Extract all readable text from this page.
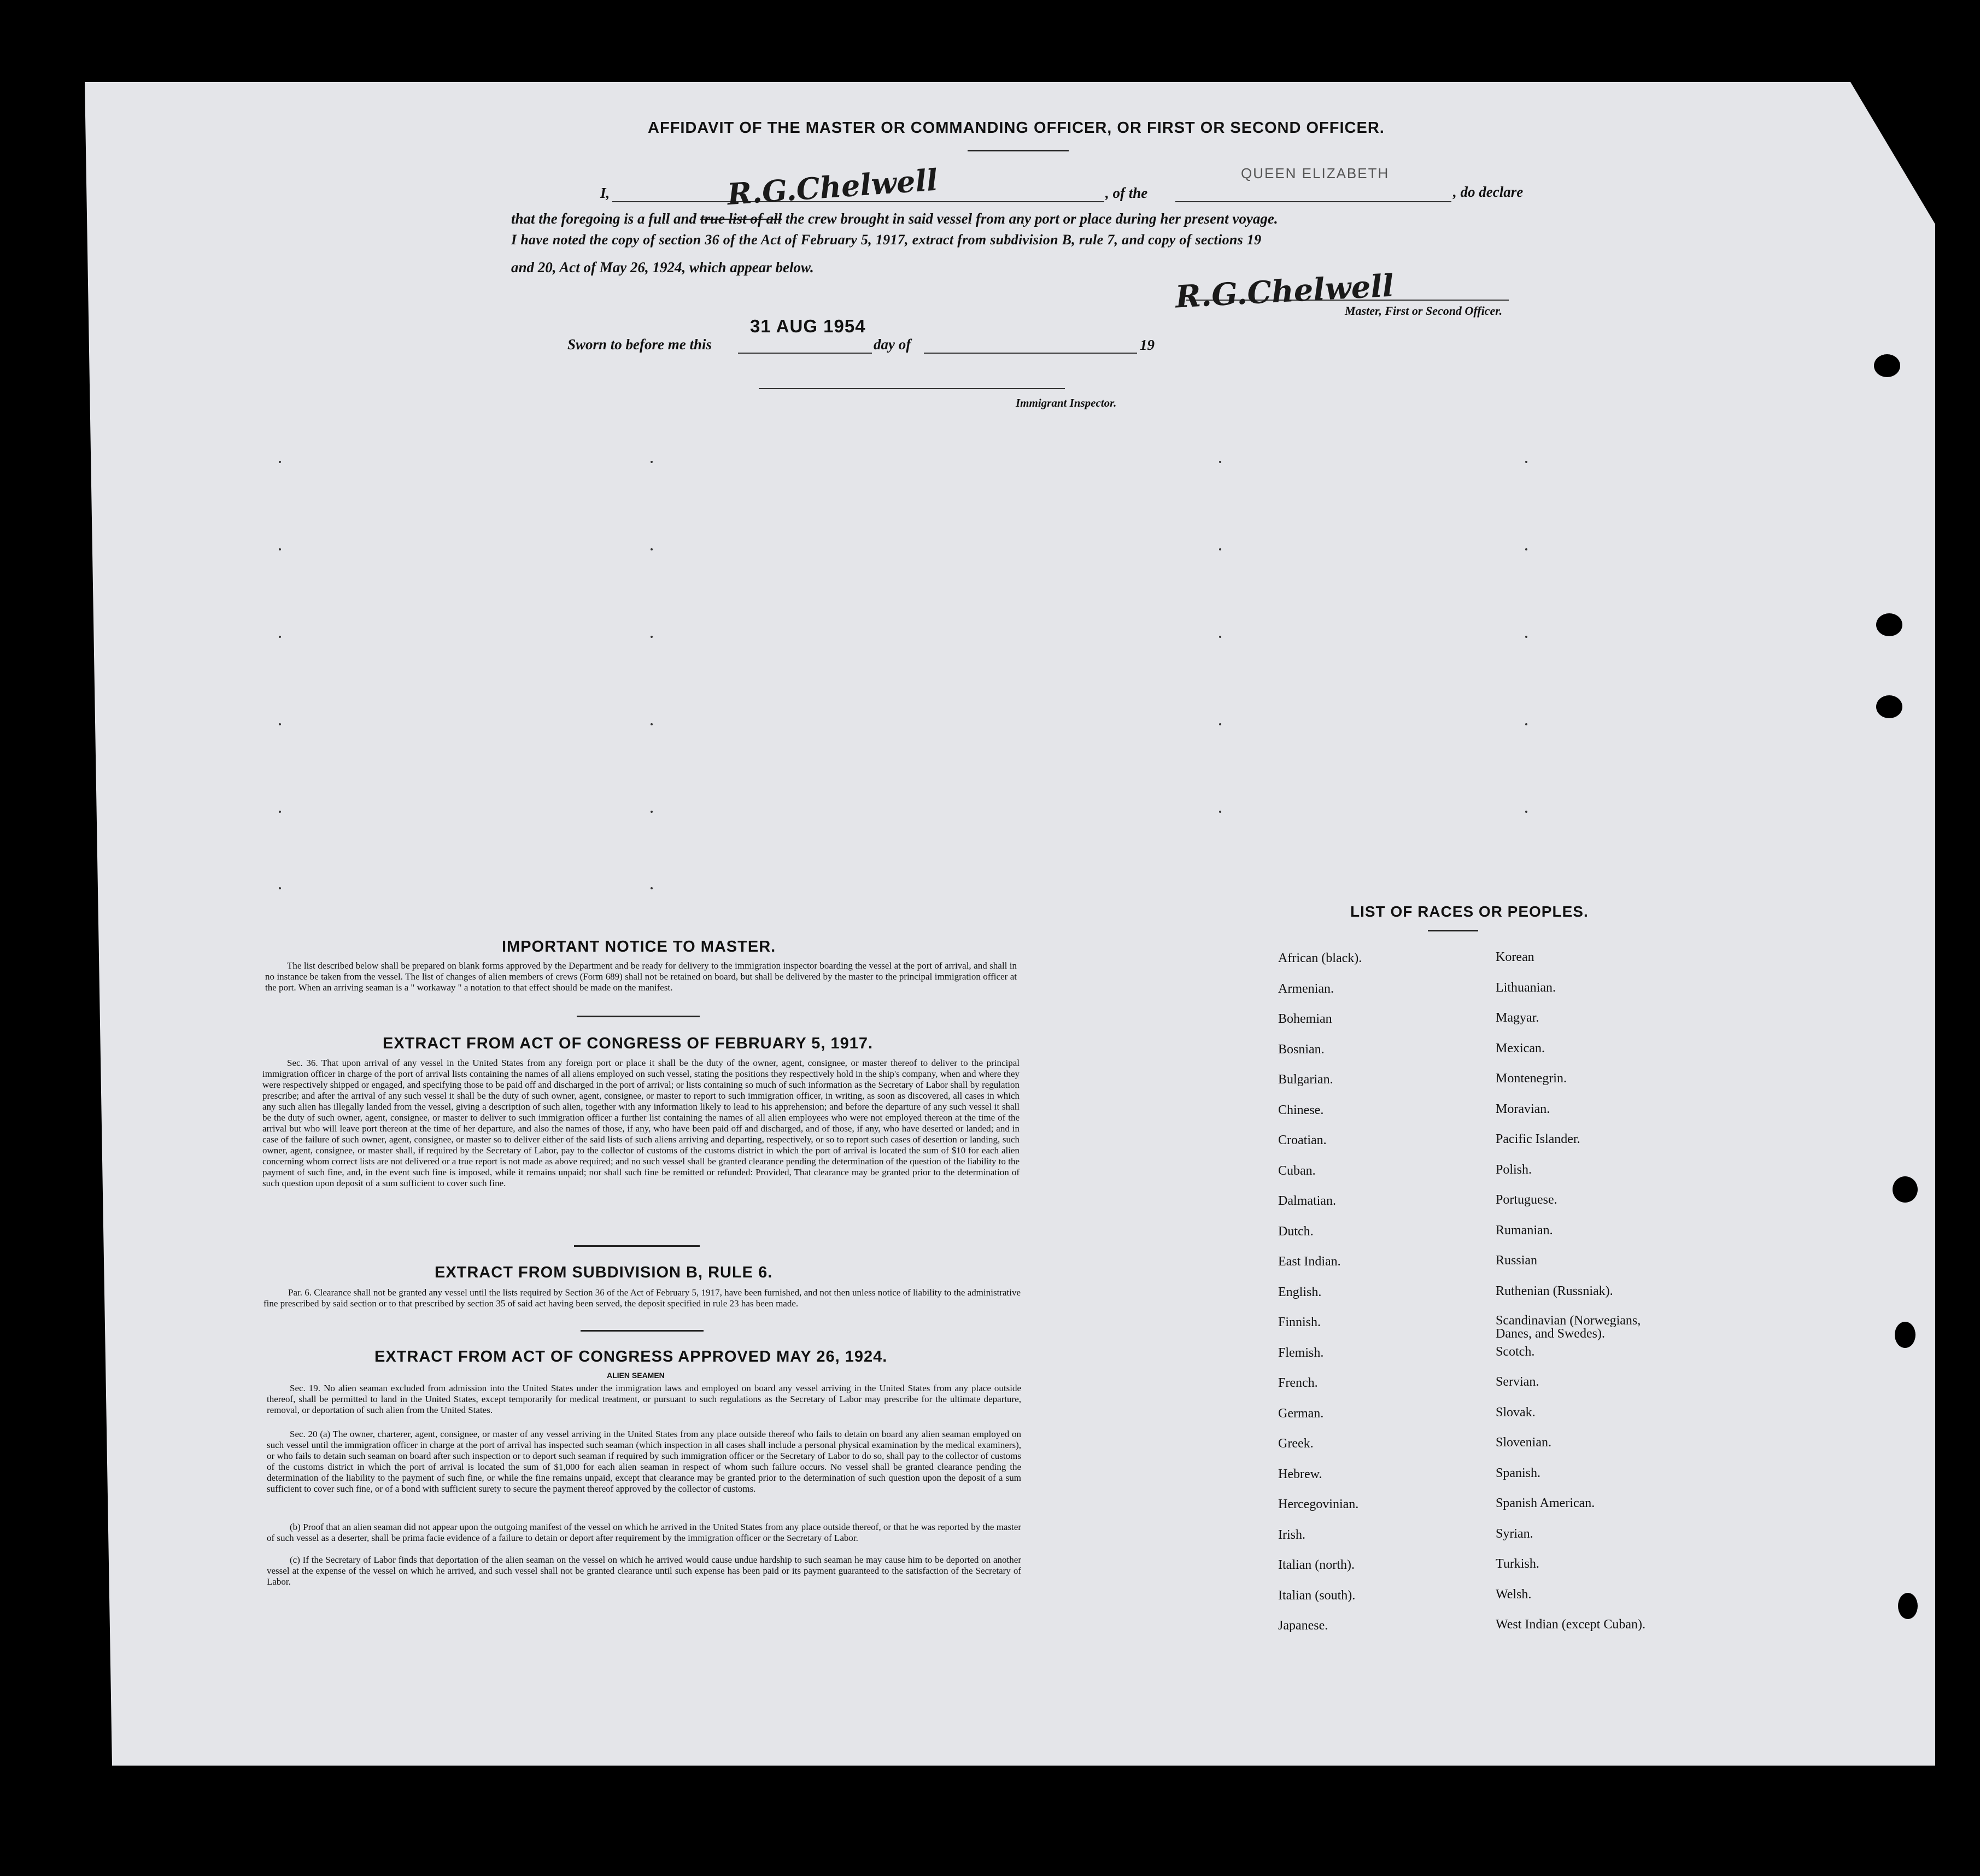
AFFIDAVIT OF THE MASTER OR COMMANDING OFFICER, OR FIRST OR SECOND OFFICER.
I,	R.G.Chelwell	, of the
QUEEN ELIZABETH
, do declare
that the foregoing is a full and true list of all the crew brought in said vessel from any port or place during her present voyage.
I have noted the copy of section 36 of the Act of February 5, 1917, extract from subdivision B, rule 7, and copy of sections 19
and 20, Act of May 26, 1924, which appear below.
R.G.Chelwell
Master, First or Second Officer.
Sworn to before me this
31 AUG 1954
day of	19
Immigrant Inspector.
IMPORTANT NOTICE TO MASTER.
The list described below shall be prepared on blank forms approved by the Department and be ready for delivery to the immigration inspector boarding the vessel at the port of arrival, and shall in no instance be taken from the vessel. The list of changes of alien members of crews (Form 689) shall not be retained on board, but shall be delivered by the master to the principal immigration officer at the port. When an arriving seaman is a " workaway " a notation to that effect should be made on the manifest.
EXTRACT FROM ACT OF CONGRESS OF FEBRUARY 5, 1917.
Sec. 36. That upon arrival of any vessel in the United States from any foreign port or place it shall be the duty of the owner, agent, consignee, or master thereof to deliver to the principal immigration officer in charge of the port of arrival lists containing the names of all aliens employed on such vessel, stating the positions they respectively hold in the ship's company, when and where they were respectively shipped or engaged, and specifying those to be paid off and discharged in the port of arrival; or lists containing so much of such information as the Secretary of Labor shall by regulation prescribe; and after the arrival of any such vessel it shall be the duty of such owner, agent, consignee, or master to report to such immigration officer, in writing, as soon as discovered, all cases in which any such alien has illegally landed from the vessel, giving a description of such alien, together with any information likely to lead to his apprehension; and before the departure of any such vessel it shall be the duty of such owner, agent, consignee, or master to deliver to such immigration officer a further list containing the names of all alien employees who were not employed thereon at the time of the arrival but who will leave port thereon at the time of her departure, and also the names of those, if any, who have been paid off and discharged, and of those, if any, who have deserted or landed; and in case of the failure of such owner, agent, consignee, or master so to deliver either of the said lists of such aliens arriving and departing, respectively, or so to report such cases of desertion or landing, such owner, agent, consignee, or master shall, if required by the Secretary of Labor, pay to the collector of customs of the customs district in which the port of arrival is located the sum of $10 for each alien concerning whom correct lists are not delivered or a true report is not made as above required; and no such vessel shall be granted clearance pending the determination of the question of the liability to the payment of such fine, and, in the event such fine is imposed, while it remains unpaid; nor shall such fine be remitted or refunded: Provided, That clearance may be granted prior to the determination of such question upon deposit of a sum sufficient to cover such fine.
EXTRACT FROM SUBDIVISION B, RULE 6.
Par. 6. Clearance shall not be granted any vessel until the lists required by Section 36 of the Act of February 5, 1917, have been furnished, and not then unless notice of liability to the administrative fine prescribed by said section or to that prescribed by section 35 of said act having been served, the deposit specified in rule 23 has been made.
EXTRACT FROM ACT OF CONGRESS APPROVED MAY 26, 1924.
ALIEN SEAMEN
Sec. 19. No alien seaman excluded from admission into the United States under the immigration laws and employed on board any vessel arriving in the United States from any place outside thereof, shall be permitted to land in the United States, except temporarily for medical treatment, or pursuant to such regulations as the Secretary of Labor may prescribe for the ultimate departure, removal, or deportation of such alien from the United States.
Sec. 20 (a) The owner, charterer, agent, consignee, or master of any vessel arriving in the United States from any place outside thereof who fails to detain on board any alien seaman employed on such vessel until the immigration officer in charge at the port of arrival has inspected such seaman (which inspection in all cases shall include a personal physical examination by the medical examiners), or who fails to detain such seaman on board after such inspection or to deport such seaman if required by such immigration officer or the Secretary of Labor to do so, shall pay to the collector of customs of the customs district in which the port of arrival is located the sum of $1,000 for each alien seaman in respect of whom such failure occurs. No vessel shall be granted clearance pending the determination of the liability to the payment of such fine, or while the fine remains unpaid, except that clearance may be granted prior to the determination of such question upon the deposit of a sum sufficient to cover such fine, or of a bond with sufficient surety to secure the payment thereof approved by the collector of customs.
(b) Proof that an alien seaman did not appear upon the outgoing manifest of the vessel on which he arrived in the United States from any place outside thereof, or that he was reported by the master of such vessel as a deserter, shall be prima facie evidence of a failure to detain or deport after requirement by the immigration officer or the Secretary of Labor.
(c) If the Secretary of Labor finds that deportation of the alien seaman on the vessel on which he arrived would cause undue hardship to such seaman he may cause him to be deported on another vessel at the expense of the vessel on which he arrived, and such vessel shall not be granted clearance until such expense has been paid or its payment guaranteed to the satisfaction of the Secretary of Labor.
LIST OF RACES OR PEOPLES.
African (black).
Armenian.
Bohemian
Bosnian.
Bulgarian.
Chinese.
Croatian.
Cuban.
Dalmatian.
Dutch.
East Indian.
English.
Finnish.
Flemish.
French.
German.
Greek.
Hebrew.
Hercegovinian.
Irish.
Italian (north).
Italian (south).
Japanese.
Korean
Lithuanian.
Magyar.
Mexican.
Montenegrin.
Moravian.
Pacific Islander.
Polish.
Portuguese.
Rumanian.
Russian
Ruthenian (Russniak).
Scandinavian (Norwegians, Danes, and Swedes).
Scotch.
Servian.
Slovak.
Slovenian.
Spanish.
Spanish American.
Syrian.
Turkish.
Welsh.
West Indian (except Cuban).
